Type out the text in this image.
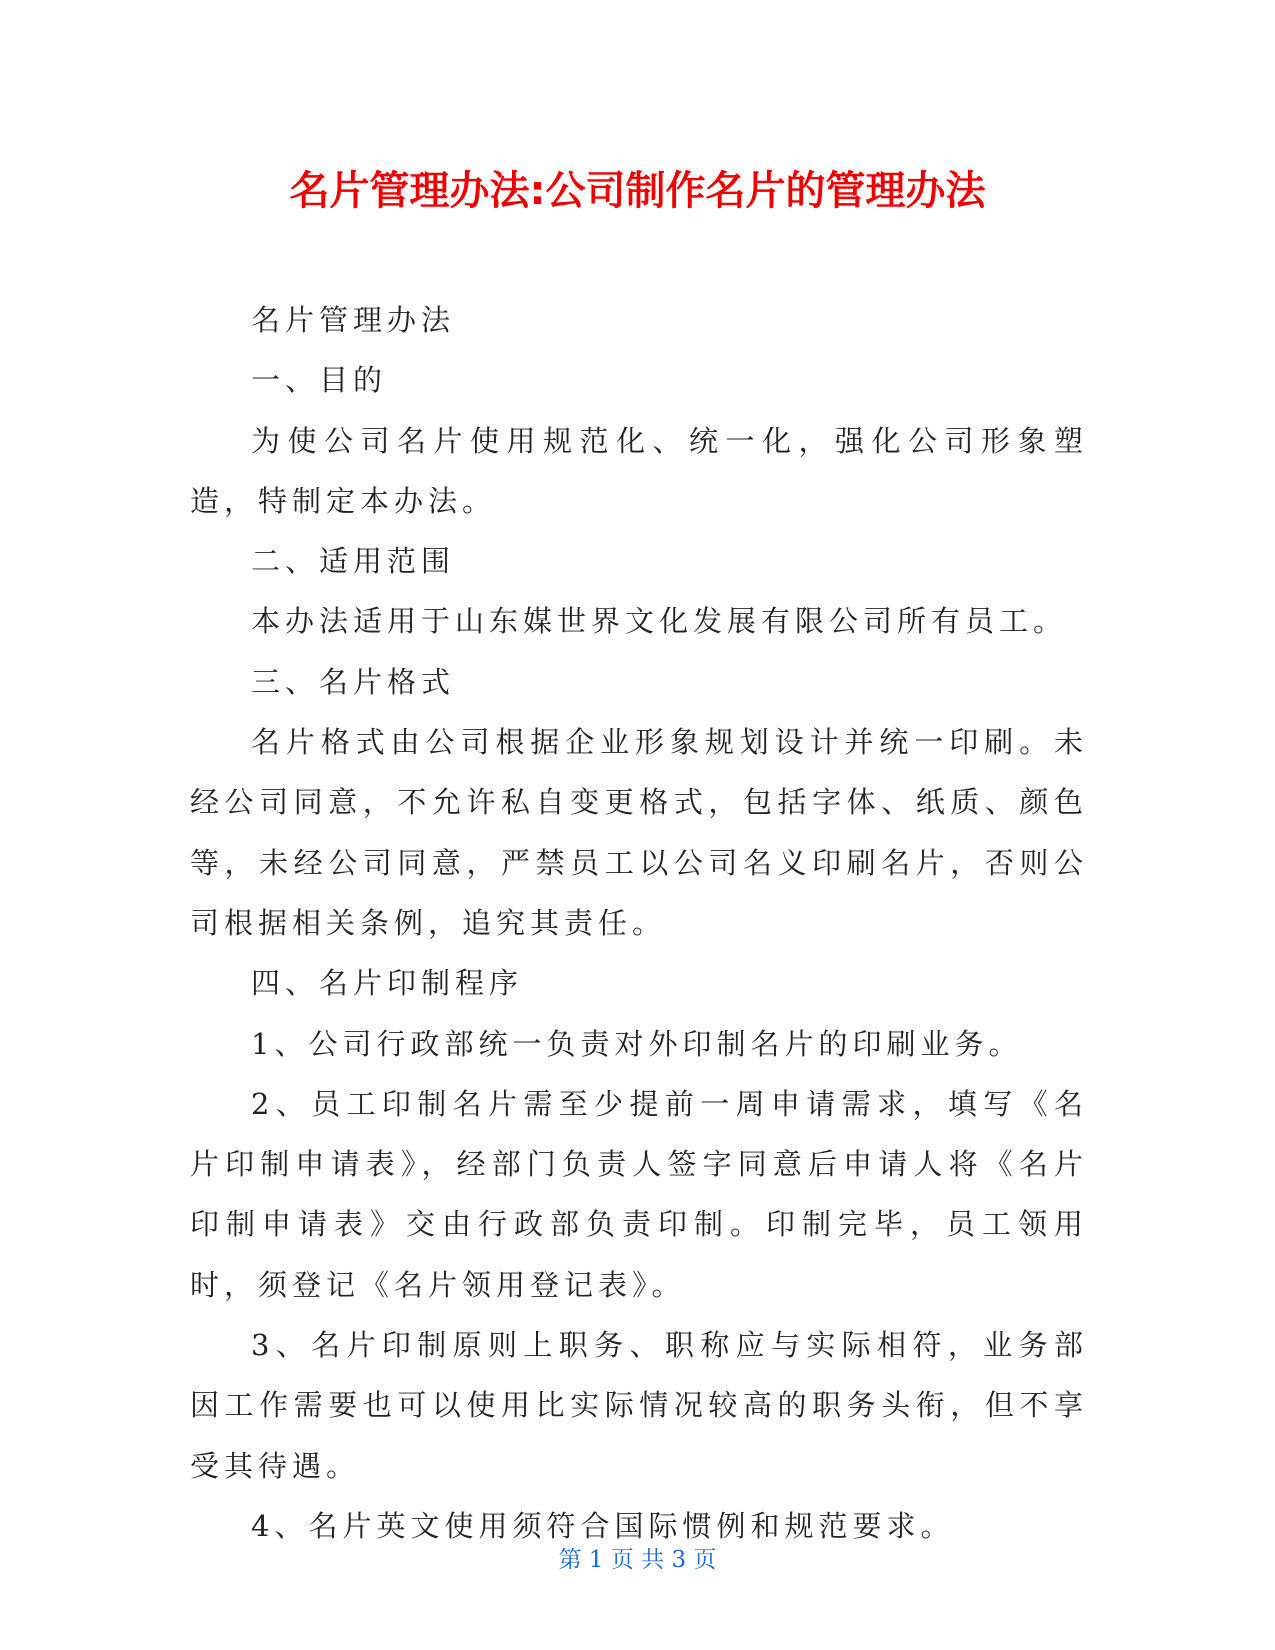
名片管理办法:公司制作名片的管理办法

名片管理办法

一、目的

为使公司名片使用规范化、统一化，强化公司形象塑造，特制定本办法。

二、适用范围

本办法适用于山东媒世界文化发展有限公司所有员工。

三、名片格式

名片格式由公司根据企业形象规划设计并统一印刷。未经公司同意，不允许私自变更格式，包括字体、纸质、颜色等，未经公司同意，严禁员工以公司名义印刷名片，否则公司根据相关条例，追究其责任。

四、名片印制程序

1、公司行政部统一负责对外印制名片的印刷业务。

2、员工印制名片需至少提前一周申请需求，填写《名片印制申请表》，经部门负责人签字同意后申请人将《名片印制申请表》交由行政部负责印制。印制完毕，员工领用时，须登记《名片领用登记表》。

3、名片印制原则上职务、职称应与实际相符，业务部因工作需要也可以使用比实际情况较高的职务头衔，但不享受其待遇。

4、名片英文使用须符合国际惯例和规范要求。

第 1 页 共 3 页
